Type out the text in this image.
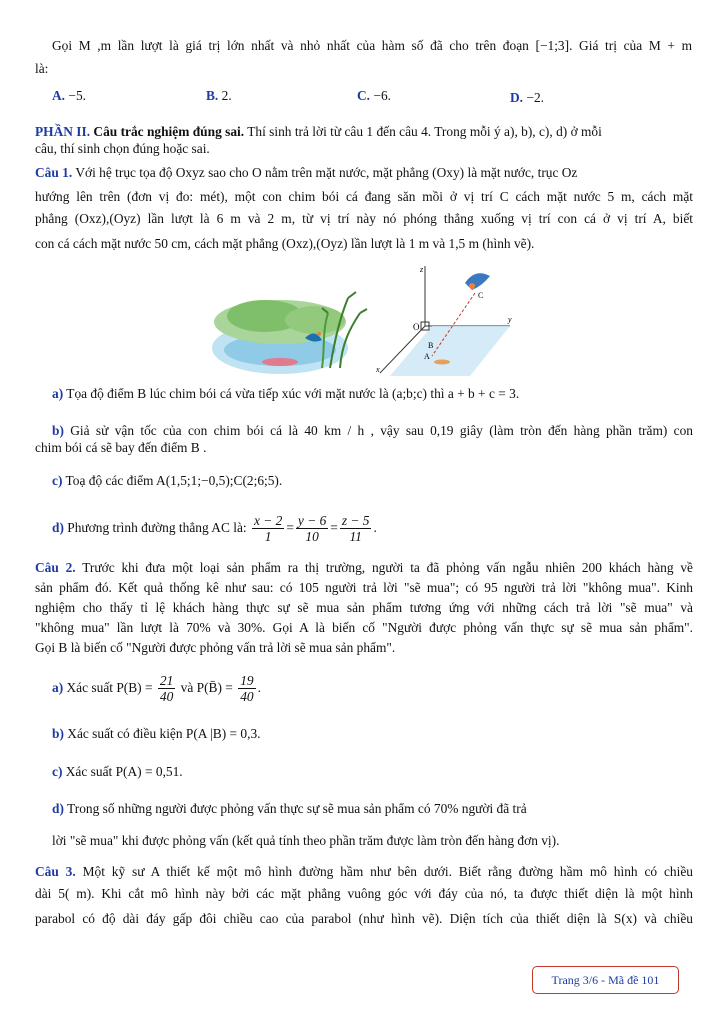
Gọi M ,m lần lượt là giá trị lớn nhất và nhỏ nhất của hàm số đã cho trên đoạn [−1;3]. Giá trị của M + m
là:
A. −5.	B. 2.	C. −6.	D. −2.
PHẦN II. Câu trắc nghiệm đúng sai. Thí sinh trả lời từ câu 1 đến câu 4. Trong mỗi ý a), b), c), d) ở mỗi
câu, thí sinh chọn đúng hoặc sai.
Câu 1. Với hệ trục tọa độ Oxyz sao cho O nằm trên mặt nước, mặt phẳng (Oxy) là mặt nước, trục Oz
hướng lên trên (đơn vị đo: mét), một con chim bói cá đang săn mồi ở vị trí C cách mặt nước 5 m, cách mặt
phẳng (Oxz),(Oyz) lần lượt là 6 m và 2 m, từ vị trí này nó phóng thẳng xuống vị trí con cá ở vị trí A, biết
con cá cách mặt nước 50 cm, cách mặt phẳng (Oxz),(Oyz) lần lượt là 1 m và 1,5 m (hình vẽ).
z
y
x
O
C
B
A
a) Tọa độ điểm B lúc chim bói cá vừa tiếp xúc với mặt nước là (a;b;c) thì a + b + c = 3.
b) Giả sử vận tốc của con chim bói cá là 40 km / h , vậy sau 0,19 giây (làm tròn đến hàng phần trăm) con
chim bói cá sẽ bay đến điểm B .
c) Toạ độ các điểm A(1,5;1;−0,5);C(2;6;5).
d) Phương trình đường thẳng AC là: $\frac{x - 2}{1} = \frac{y - 6}{10} = \frac{z - 5}{11}$ .
Câu 2. Trước khi đưa một loại sản phẩm ra thị trường, người ta đã phỏng vấn ngẫu nhiên 200 khách hàng về
sản phẩm đó. Kết quả thống kê như sau: có 105 người trả lời "sẽ mua"; có 95 người trả lời "không mua". Kinh
nghiệm cho thấy tỉ lệ khách hàng thực sự sẽ mua sản phẩm tương ứng với những cách trả lời "sẽ mua" và
"không mua" lần lượt là 70% và 30%. Gọi A là biến cố "Người được phỏng vấn thực sự sẽ mua sản phẩm".
Gọi B là biến cố "Người được phỏng vấn trả lời sẽ mua sản phẩm".
a) Xác suất $P(B) = \frac{21}{40}$ và P(B̄) = $\frac{19}{40}$ .
b) Xác suất có điều kiện P(A |B) = 0,3.
c) Xác suất P(A) = 0,51.
d) Trong số những người được phỏng vấn thực sự sẽ mua sản phẩm có 70% người đã trả
lời "sẽ mua" khi được phỏng vấn (kết quả tính theo phần trăm được làm tròn đến hàng đơn vị).
Câu 3. Một kỹ sư A thiết kế một mô hình đường hầm như bên dưới. Biết rằng đường hầm mô hình có chiều
dài 5( m). Khi cắt mô hình này bởi các mặt phẳng vuông góc với đáy của nó, ta được thiết diện là một hình
parabol có độ dài đáy gấp đôi chiều cao của parabol (như hình vẽ). Diện tích của thiết diện là S(x) và chiều
Trang 3/6 - Mã đề 101
